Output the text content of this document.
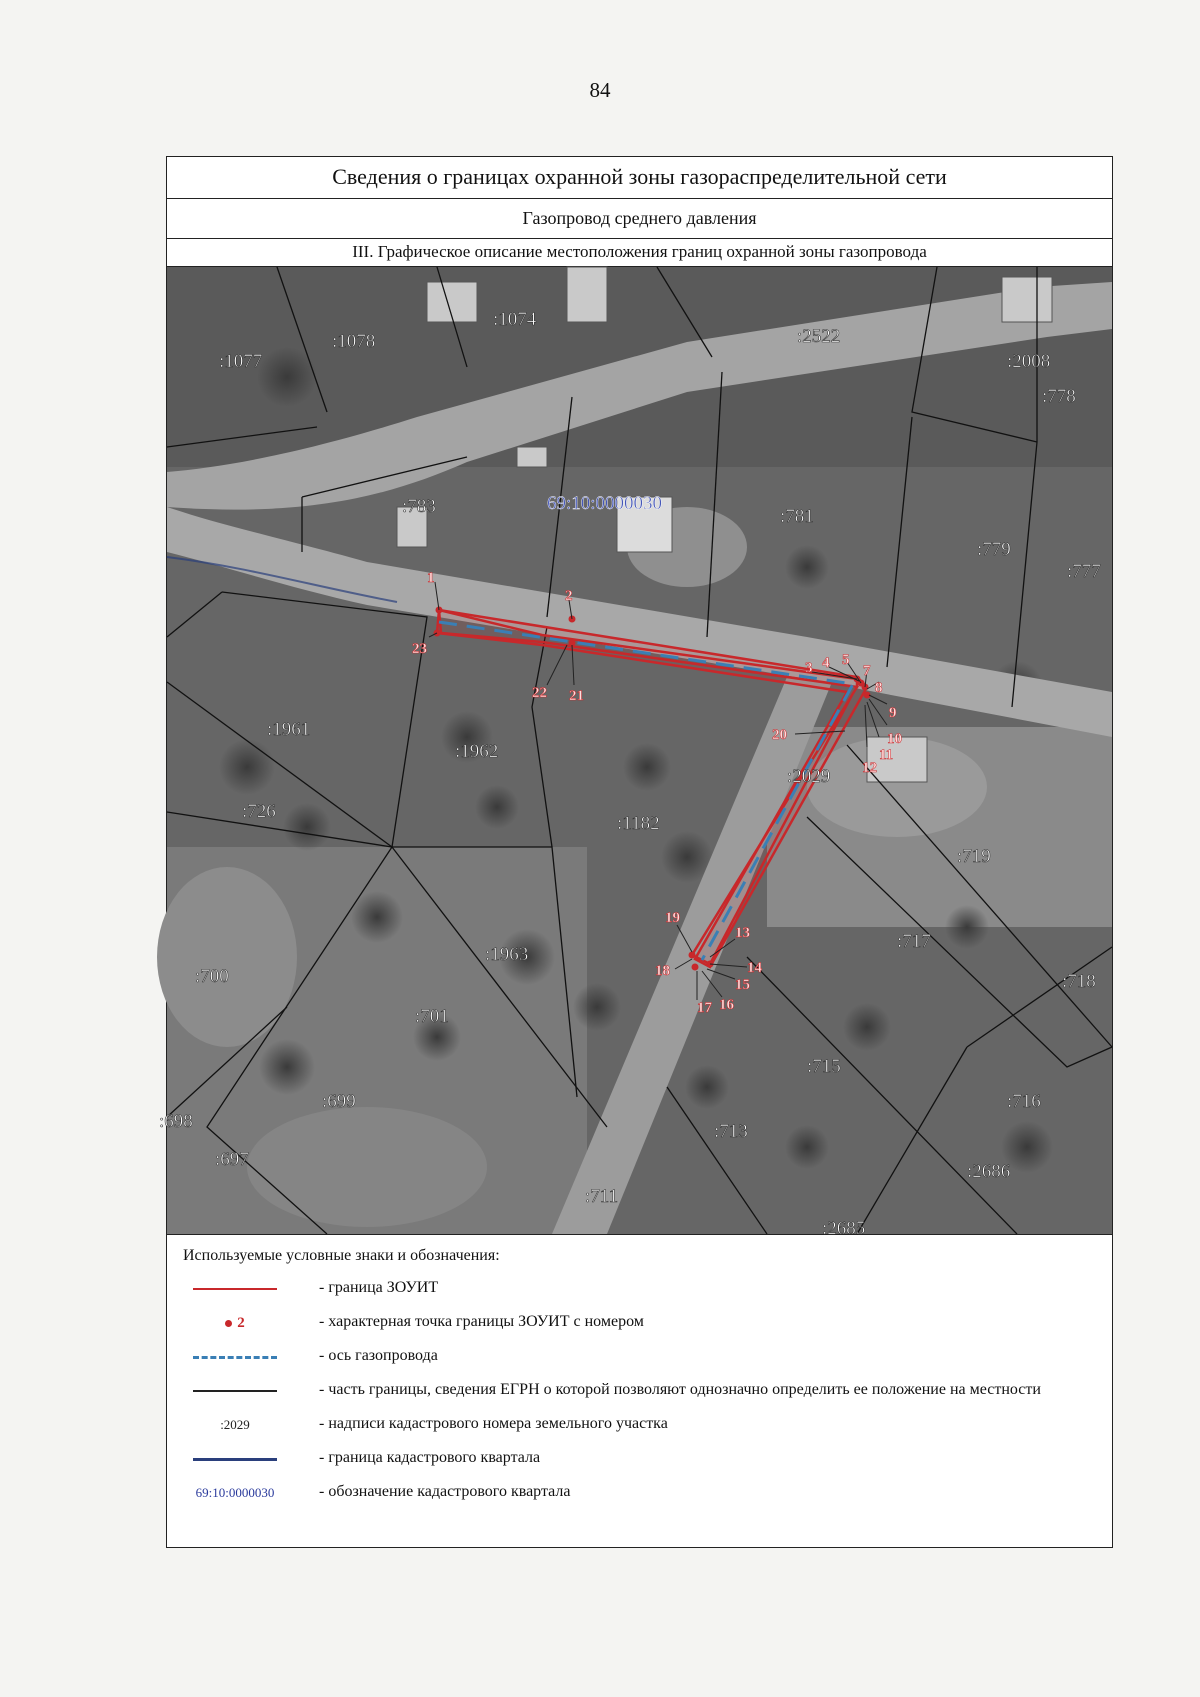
84
Сведения о границах охранной зоны газораспределительной сети
Газопровод среднего давления
III. Графическое описание местоположения границ охранной зоны газопровода
:1077
:1078
:1074
:2522
:2008
:778
:783	:781
:779
:777
:1961
:1962
:2029
:1182
:726
:719
:1963
:717
:700	:718
:701
:715
:699	:716
:698	:713
:697
:2686
:711
:2685
69:10:0000030
1
2
3 4 5
7
8
9
10
11
12
13
14
15
16
17
18
19
20
21
22
23
Используемые условные знаки и обозначения:
- граница ЗОУИТ
2	- характерная точка границы ЗОУИТ с номером
- ось газопровода
- часть границы, сведения ЕГРН о которой позволяют однозначно определить ее положение на местности
:2029	- надписи кадастрового номера земельного участка
- граница кадастрового квартала
69:10:0000030	- обозначение кадастрового квартала
